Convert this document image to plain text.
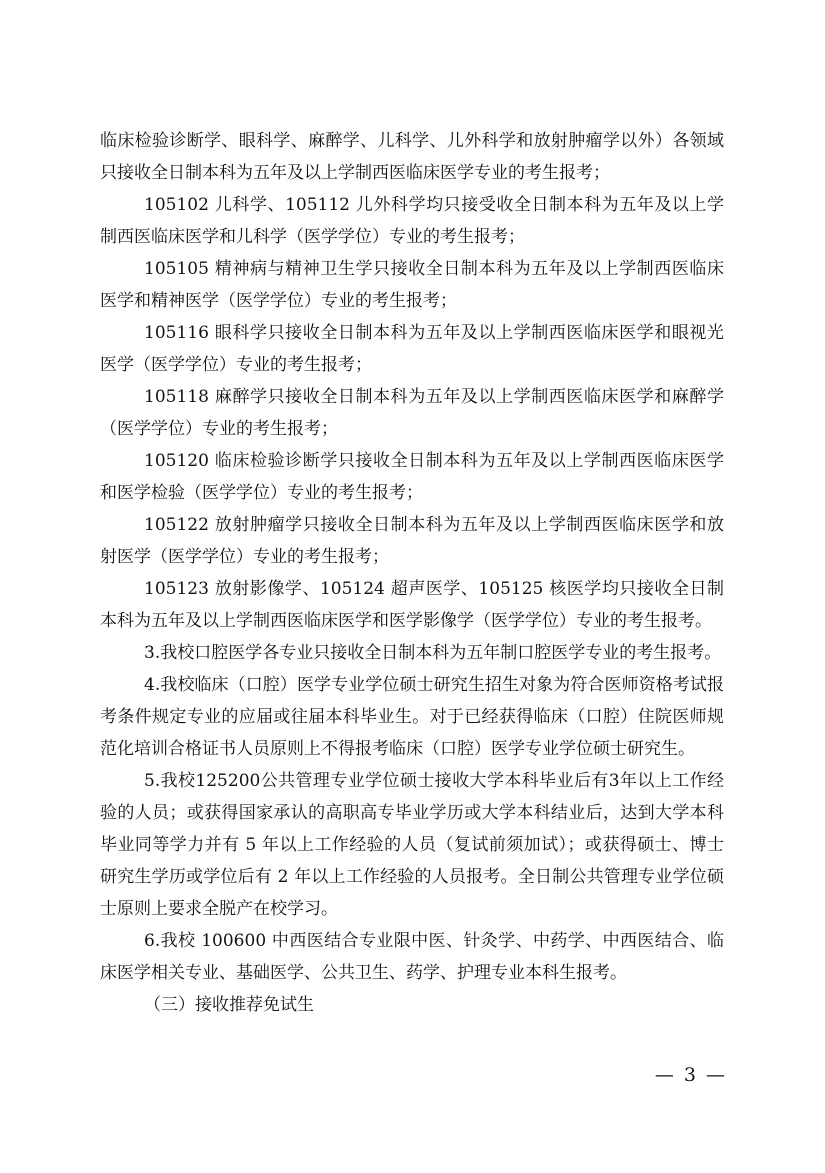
临床检验诊断学、眼科学、麻醉学、儿科学、儿外科学和放射肿瘤学以外）各领域只接收全日制本科为五年及以上学制西医临床医学专业的考生报考；

105102 儿科学、105112 儿外科学均只接受收全日制本科为五年及以上学制西医临床医学和儿科学（医学学位）专业的考生报考；

105105 精神病与精神卫生学只接收全日制本科为五年及以上学制西医临床医学和精神医学（医学学位）专业的考生报考；

105116 眼科学只接收全日制本科为五年及以上学制西医临床医学和眼视光医学（医学学位）专业的考生报考；

105118 麻醉学只接收全日制本科为五年及以上学制西医临床医学和麻醉学（医学学位）专业的考生报考；

105120 临床检验诊断学只接收全日制本科为五年及以上学制西医临床医学和医学检验（医学学位）专业的考生报考；

105122 放射肿瘤学只接收全日制本科为五年及以上学制西医临床医学和放射医学（医学学位）专业的考生报考；

105123 放射影像学、105124 超声医学、105125 核医学均只接收全日制本科为五年及以上学制西医临床医学和医学影像学（医学学位）专业的考生报考。

3.我校口腔医学各专业只接收全日制本科为五年制口腔医学专业的考生报考。

4.我校临床（口腔）医学专业学位硕士研究生招生对象为符合医师资格考试报考条件规定专业的应届或往届本科毕业生。对于已经获得临床（口腔）住院医师规范化培训合格证书人员原则上不得报考临床（口腔）医学专业学位硕士研究生。

5.我校125200公共管理专业学位硕士接收大学本科毕业后有3年以上工作经验的人员；或获得国家承认的高职高专毕业学历或大学本科结业后，达到大学本科毕业同等学力并有 5 年以上工作经验的人员（复试前须加试）；或获得硕士、博士研究生学历或学位后有 2 年以上工作经验的人员报考。全日制公共管理专业学位硕士原则上要求全脱产在校学习。

6.我校 100600 中西医结合专业限中医、针灸学、中药学、中西医结合、临床医学相关专业、基础医学、公共卫生、药学、护理专业本科生报考。

（三）接收推荐免试生

— 3 —
